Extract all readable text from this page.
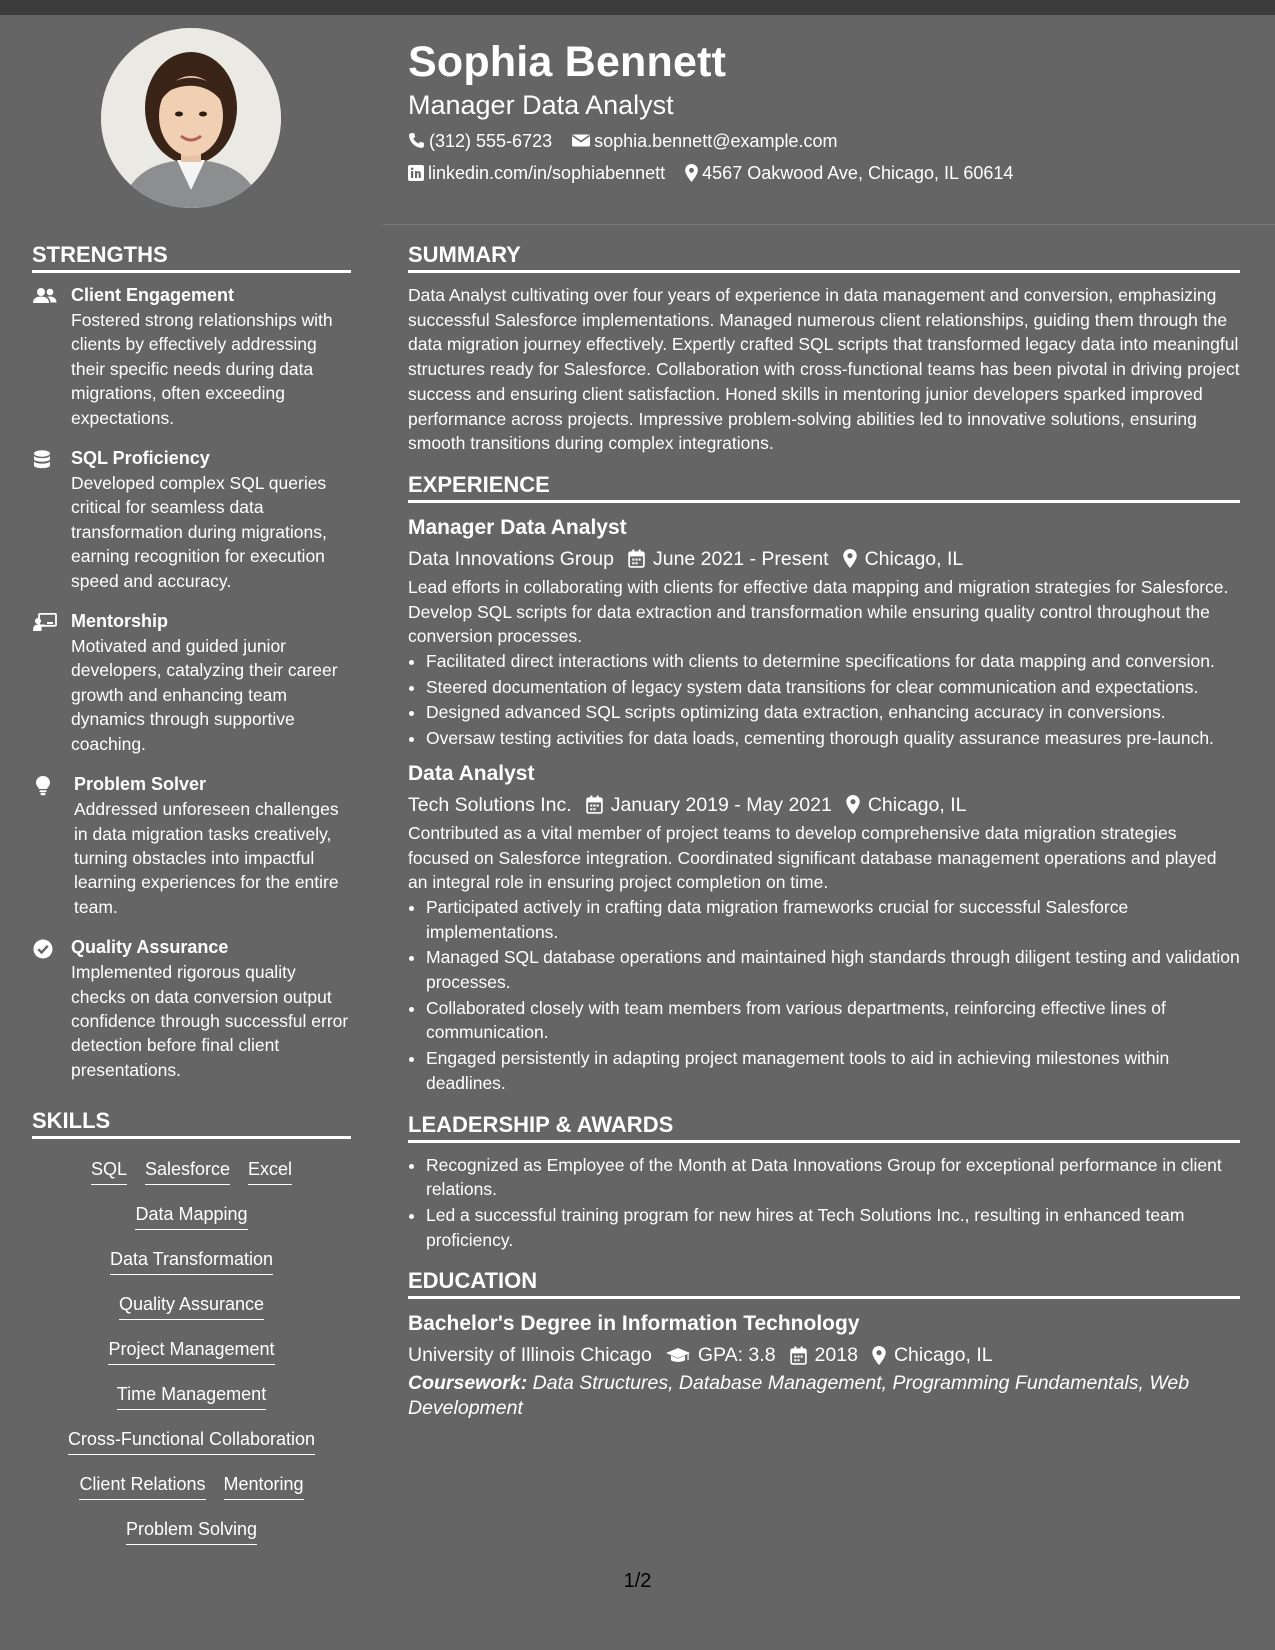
Sophia Bennett
Manager Data Analyst
(312) 555-6723 sophia.bennett@example.com
linkedin.com/in/sophiabennett 4567 Oakwood Ave, Chicago, IL 60614
STRENGTHS
Client Engagement
Fostered strong relationships with clients by effectively addressing their specific needs during data migrations, often exceeding expectations.
SQL Proficiency
Developed complex SQL queries critical for seamless data transformation during migrations, earning recognition for execution speed and accuracy.
Mentorship
Motivated and guided junior developers, catalyzing their career growth and enhancing team dynamics through supportive coaching.
Problem Solver
Addressed unforeseen challenges in data migration tasks creatively, turning obstacles into impactful learning experiences for the entire team.
Quality Assurance
Implemented rigorous quality checks on data conversion output confidence through successful error detection before final client presentations.
SKILLS
SQL Salesforce Excel
Data Mapping
Data Transformation
Quality Assurance
Project Management
Time Management
Cross-Functional Collaboration
Client Relations Mentoring
Problem Solving
SUMMARY

Data Analyst cultivating over four years of experience in data management and conversion, emphasizing successful Salesforce implementations. Managed numerous client relationships, guiding them through the data migration journey effectively. Expertly crafted SQL scripts that transformed legacy data into meaningful structures ready for Salesforce. Collaboration with cross-functional teams has been pivotal in driving project success and ensuring client satisfaction. Honed skills in mentoring junior developers sparked improved performance across projects. Impressive problem-solving abilities led to innovative solutions, ensuring smooth transitions during complex integrations.

EXPERIENCE
Manager Data Analyst
Data Innovations Group June 2021 - Present Chicago, IL

Lead efforts in collaborating with clients for effective data mapping and migration strategies for Salesforce. Develop SQL scripts for data extraction and transformation while ensuring quality control throughout the conversion processes.

• Facilitated direct interactions with clients to determine specifications for data mapping and conversion.
• Steered documentation of legacy system data transitions for clear communication and expectations.
• Designed advanced SQL scripts optimizing data extraction, enhancing accuracy in conversions.
• Oversaw testing activities for data loads, cementing thorough quality assurance measures pre-launch.
Data Analyst
Tech Solutions Inc. January 2019 - May 2021 Chicago, IL

Contributed as a vital member of project teams to develop comprehensive data migration strategies focused on Salesforce integration. Coordinated significant database management operations and played an integral role in ensuring project completion on time.

• Participated actively in crafting data migration frameworks crucial for successful Salesforce implementations.
• Managed SQL database operations and maintained high standards through diligent testing and validation processes.
• Collaborated closely with team members from various departments, reinforcing effective lines of communication.
• Engaged persistently in adapting project management tools to aid in achieving milestones within deadlines.
LEADERSHIP & AWARDS
• Recognized as Employee of the Month at Data Innovations Group for exceptional performance in client relations.
• Led a successful training program for new hires at Tech Solutions Inc., resulting in enhanced team proficiency.
EDUCATION
Bachelor's Degree in Information Technology
University of Illinois Chicago GPA: 3.8 2018 Chicago, IL
Coursework: Data Structures, Database Management, Programming Fundamentals, Web Development
1/2
